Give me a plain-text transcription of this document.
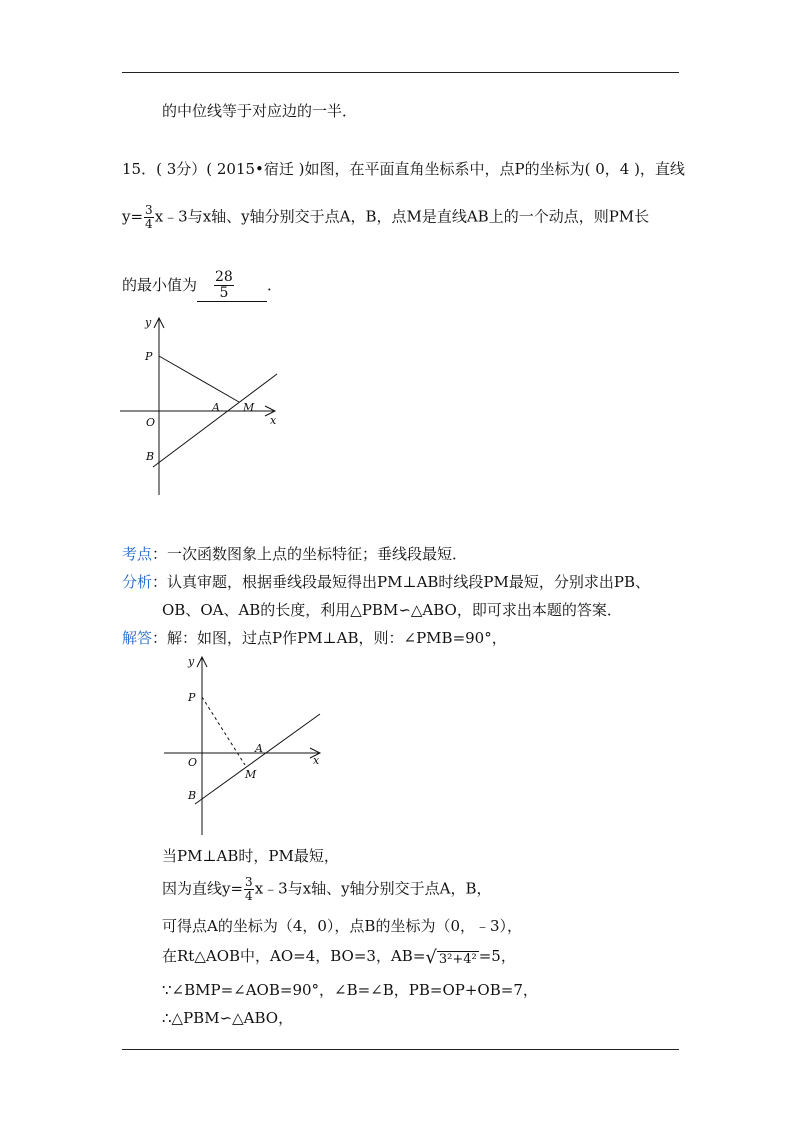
的中位线等于对应边的一半．
15．( 3分）( 2015•宿迁 )如图，在平面直角坐标系中，点P的坐标为( 0，4 )，直线
$y= \frac{3}{4}$ x﹣3与x轴、y轴分别交于点A，B，点M是直线AB上的一个动点，则PM长
的最小值为 $\frac{28}{5}$ ．
y
P
O
A M
x
B
考点：一次函数图象上点的坐标特征；垂线段最短．
分析：认真审题，根据垂线段最短得出PM⊥AB时线段PM最短，分别求出PB、
OB、OA、AB的长度，利用△PBM∽△ABO，即可求出本题的答案．
解答：解：如图，过点P作PM⊥AB，则：∠PMB=90°，
y
P
O
A
M
x
B
当PM⊥AB时，PM最短，
因为直线$y= \frac{3}{4}$ x﹣3与x轴、y轴分别交于点A，B，
可得点A的坐标为（4，0），点B的坐标为（0，﹣3），
在Rt△AOB中，AO=4，BO=3，AB=√ 3²+4² =5，
∵∠BMP=∠AOB=90°，∠B=∠B，PB=OP+OB=7，
∴△PBM∽△ABO，
